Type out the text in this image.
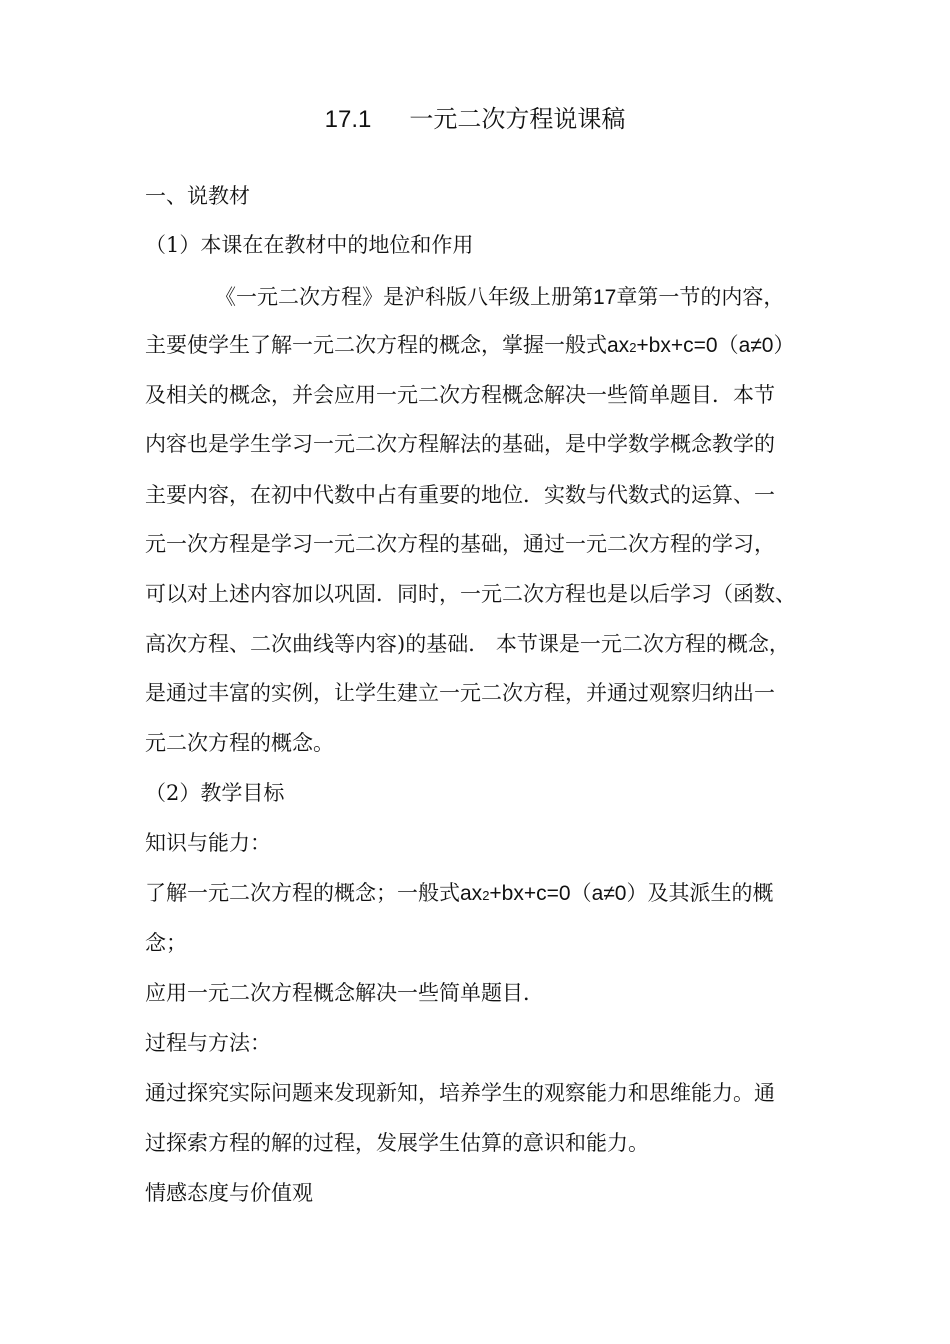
17.1 一元二次方程说课稿
一、说教材
（1）本课在在教材中的地位和作用
《一元二次方程》是沪科版八年级上册第17章第一节的内容，
主要使学生了解一元二次方程的概念，掌握一般式ax2+bx+c=0（a≠0）
及相关的概念，并会应用一元二次方程概念解决一些简单题目．本节
内容也是学生学习一元二次方程解法的基础，是中学数学概念教学的
主要内容，在初中代数中占有重要的地位．实数与代数式的运算、一
元一次方程是学习一元二次方程的基础，通过一元二次方程的学习，
可以对上述内容加以巩固．同时，一元二次方程也是以后学习（函数、
高次方程、二次曲线等内容)的基础． 本节课是一元二次方程的概念，
是通过丰富的实例，让学生建立一元二次方程，并通过观察归纳出一
元二次方程的概念。
（2）教学目标
知识与能力：
了解一元二次方程的概念；一般式ax2+bx+c=0（a≠0）及其派生的概
念；
应用一元二次方程概念解决一些简单题目．
过程与方法：
通过探究实际问题来发现新知，培养学生的观察能力和思维能力。通
过探索方程的解的过程，发展学生估算的意识和能力。
情感态度与价值观
